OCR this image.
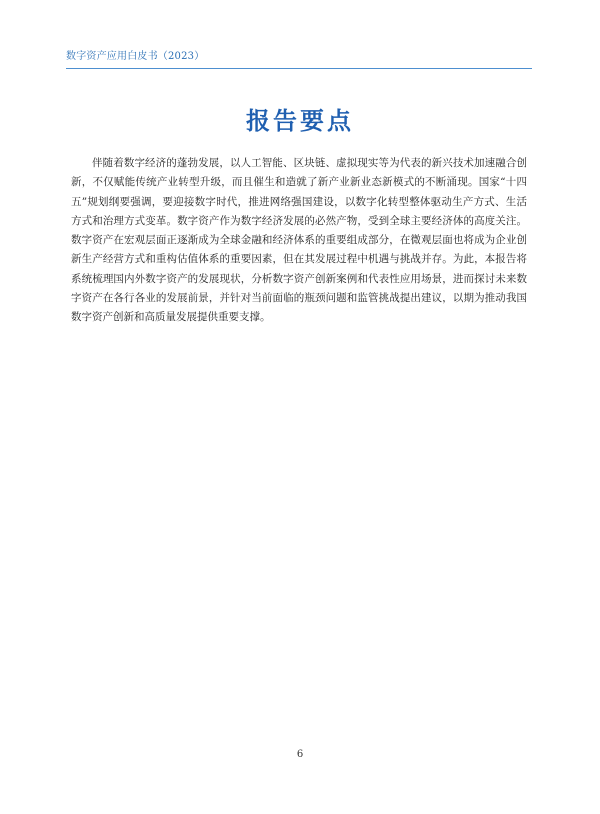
数字资产应用白皮书（2023）
报告要点

伴随着数字经济的蓬勃发展，以人工智能、区块链、虚拟现实等为代表的新兴技术加速融合创新，不仅赋能传统产业转型升级，而且催生和造就了新产业新业态新模式的不断涌现。国家“十四五”规划纲要强调，要迎接数字时代，推进网络强国建设，以数字化转型整体驱动生产方式、生活方式和治理方式变革。数字资产作为数字经济发展的必然产物，受到全球主要经济体的高度关注。数字资产在宏观层面正逐渐成为全球金融和经济体系的重要组成部分，在微观层面也将成为企业创新生产经营方式和重构估值体系的重要因素，但在其发展过程中机遇与挑战并存。为此，本报告将系统梳理国内外数字资产的发展现状，分析数字资产创新案例和代表性应用场景，进而探讨未来数字资产在各行各业的发展前景，并针对当前面临的瓶颈问题和监管挑战提出建议，以期为推动我国数字资产创新和高质量发展提供重要支撑。

6
